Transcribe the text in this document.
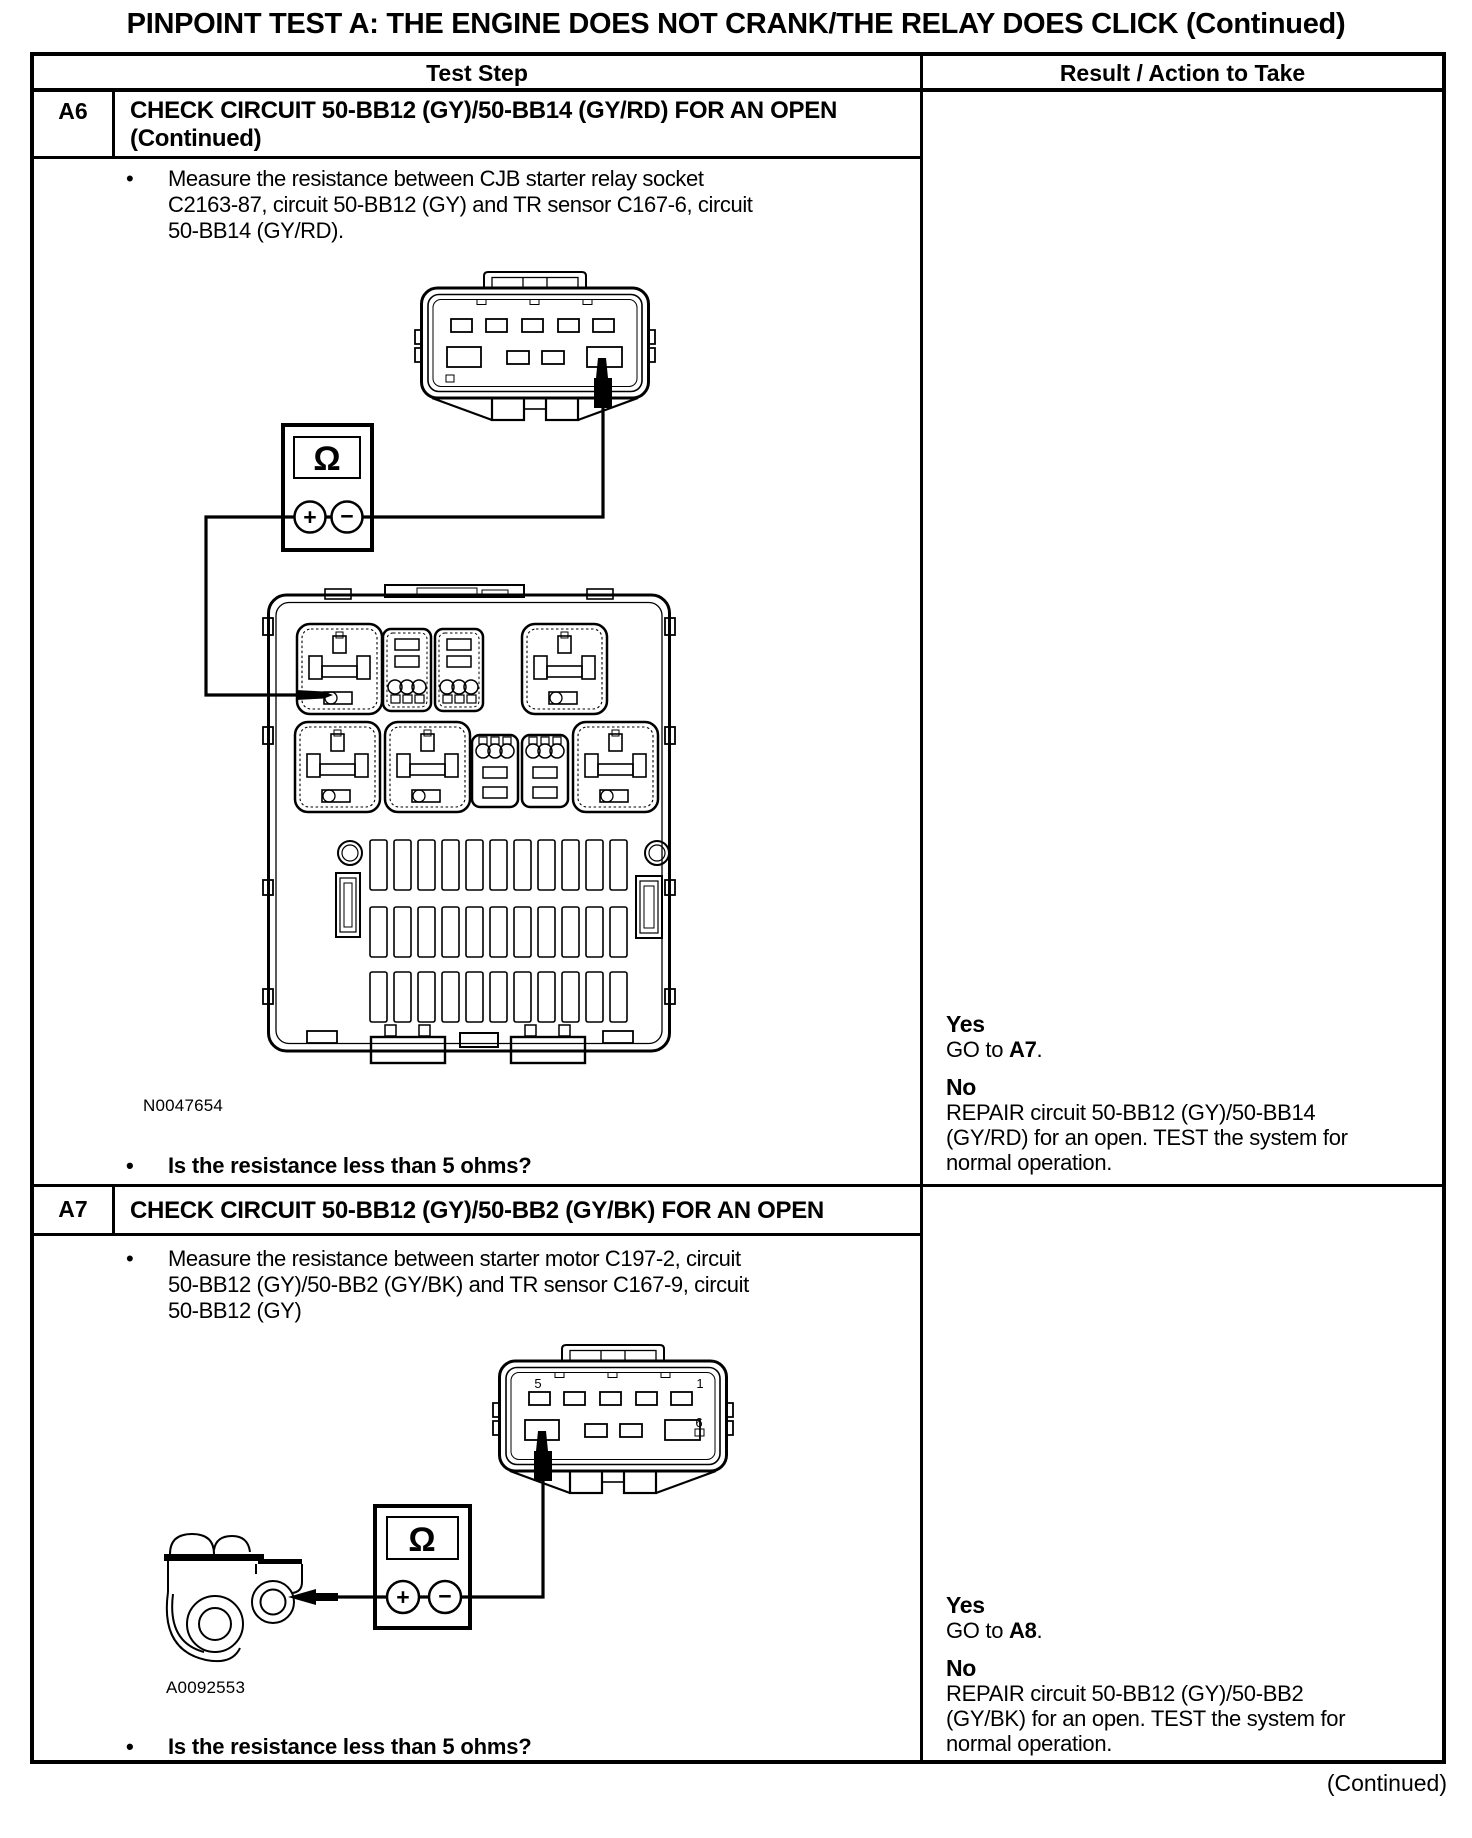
PINPOINT TEST A: THE ENGINE DOES NOT CRANK/THE RELAY DOES CLICK (Continued)
Test Step	Result / Action to Take
A6	CHECK CIRCUIT 50-BB12 (GY)/50-BB14 (GY/RD) FOR AN OPEN
(Continued)
• Measure the resistance between CJB starter relay socket
C2163-87, circuit 50-BB12 (GY) and TR sensor C167-6, circuit
50-BB14 (GY/RD).
Ω
+ −
N0047654
• Is the resistance less than 5 ohms?
Yes
GO to A7.
No
REPAIR circuit 50-BB12 (GY)/50-BB14
(GY/RD) for an open. TEST the system for
normal operation.
A7	CHECK CIRCUIT 50-BB12 (GY)/50-BB2 (GY/BK) FOR AN OPEN
• Measure the resistance between starter motor C197-2, circuit
50-BB12 (GY)/50-BB2 (GY/BK) and TR sensor C167-9, circuit
50-BB12 (GY)
5	1
6
Ω
+ −
A0092553
• Is the resistance less than 5 ohms?
Yes
GO to A8.
No
REPAIR circuit 50-BB12 (GY)/50-BB2
(GY/BK) for an open. TEST the system for
normal operation.
(Continued)
